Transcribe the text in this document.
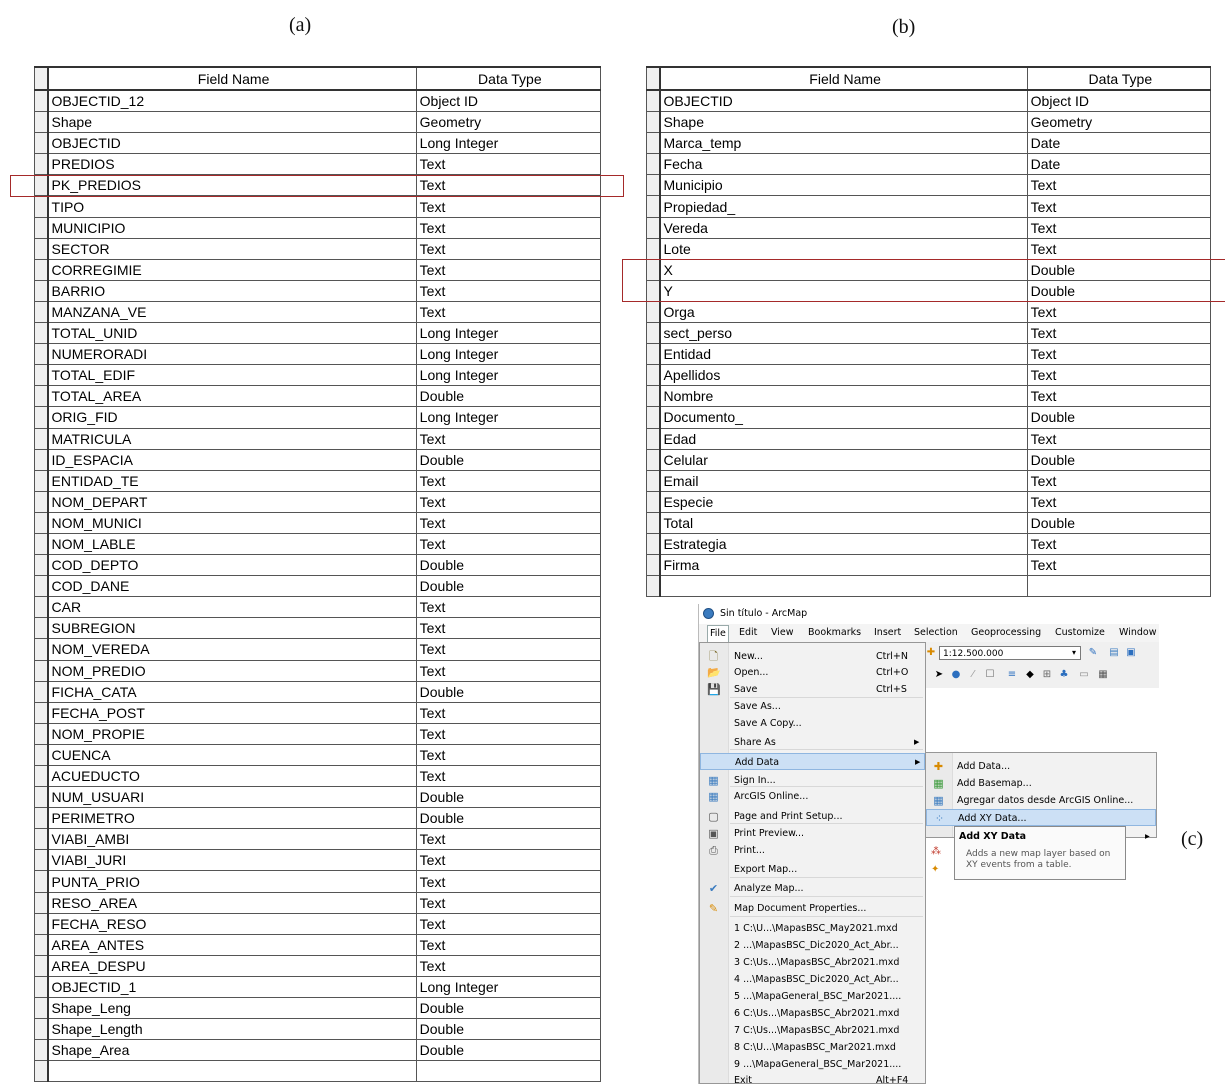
(a)	(b)
(c)
	Field Name	Data Type
	OBJECTID_12	Object ID
	Shape	Geometry
	OBJECTID	Long Integer
	PREDIOS	Text
	PK_PREDIOS	Text
	TIPO	Text
	MUNICIPIO	Text
	SECTOR	Text
	CORREGIMIE	Text
	BARRIO	Text
	MANZANA_VE	Text
	TOTAL_UNID	Long Integer
	NUMERORADI	Long Integer
	TOTAL_EDIF	Long Integer
	TOTAL_AREA	Double
	ORIG_FID	Long Integer
	MATRICULA	Text
	ID_ESPACIA	Double
	ENTIDAD_TE	Text
	NOM_DEPART	Text
	NOM_MUNICI	Text
	NOM_LABLE	Text
	COD_DEPTO	Double
	COD_DANE	Double
	CAR	Text
	SUBREGION	Text
	NOM_VEREDA	Text
	NOM_PREDIO	Text
	FICHA_CATA	Double
	FECHA_POST	Text
	NOM_PROPIE	Text
	CUENCA	Text
	ACUEDUCTO	Text
	NUM_USUARI	Double
	PERIMETRO	Double
	VIABI_AMBI	Text
	VIABI_JURI	Text
	PUNTA_PRIO	Text
	RESO_AREA	Text
	FECHA_RESO	Text
	AREA_ANTES	Text
	AREA_DESPU	Text
	OBJECTID_1	Long Integer
	Shape_Leng	Double
	Shape_Length	Double
	Shape_Area	Double

	Field Name	Data Type
	OBJECTID	Object ID
	Shape	Geometry
	Marca_temp	Date
	Fecha	Date
	Municipio	Text
	Propiedad_	Text
	Vereda	Text
	Lote	Text
	X	Double
	Y	Double
	Orga	Text
	sect_perso	Text
	Entidad	Text
	Apellidos	Text
	Nombre	Text
	Documento_	Double
	Edad	Text
	Celular	Double
	Email	Text
	Especie	Text
	Total	Double
	Estrategia	Text
	Firma	Text

Sin título - ArcMap
File	Edit View Bookmarks Insert Selection Geoprocessing Customize Window
✚ 1:12.500.000	▾	✎ ▤ ▣
➤ ●	⁄	☐ ≡ ◆ ⊞ ♣ ▭ ▦
🗋 New...	Ctrl+N
📂 Open...	Ctrl+O
💾 Save	Ctrl+S
Save As...
Save A Copy...
Share As	▶
Add Data	▶
▦ Sign In...
▦ ArcGIS Online...
▢ Page and Print Setup...
▣ Print Preview...
⎙ Print...
Export Map...
✔ Analyze Map...
✎ Map Document Properties...
1 C:\U...\MapasBSC_May2021.mxd
2 ...\MapasBSC_Dic2020_Act_Abr...
3 C:\Us...\MapasBSC_Abr2021.mxd
4 ...\MapasBSC_Dic2020_Act_Abr...
5 ...\MapaGeneral_BSC_Mar2021....
6 C:\Us...\MapasBSC_Abr2021.mxd
7 C:\Us...\MapasBSC_Abr2021.mxd
8 C:\U...\MapasBSC_Mar2021.mxd
9 ...\MapaGeneral_BSC_Mar2021....
Exit	Alt+F4
✚ Add Data...
▦ Add Basemap...
▦ Agregar datos desde ArcGIS Online...
⁘ Add XY Data...
Add XY Data	▸
Adds a new map layer based on XY events from a table.
⁂
✦
